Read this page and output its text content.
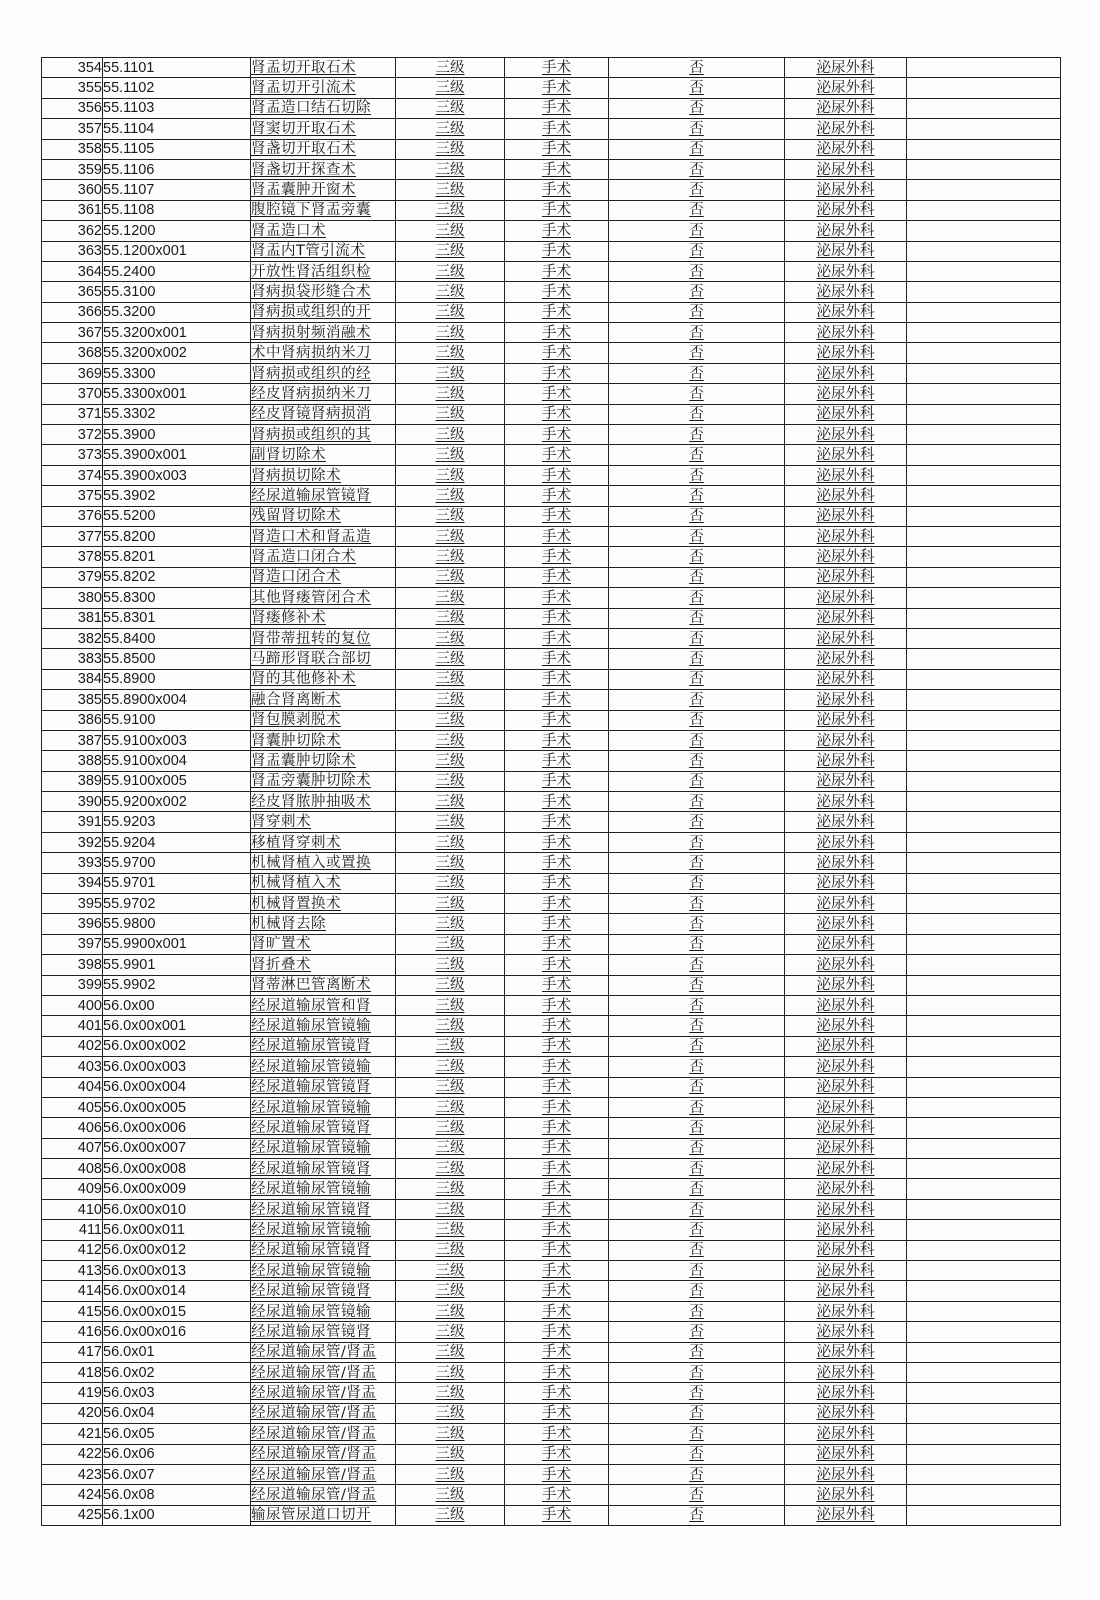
354	55.1101	肾盂切开取石术	三级	手术	否	泌尿外科	
355	55.1102	肾盂切开引流术	三级	手术	否	泌尿外科	
356	55.1103	肾盂造口结石切除	三级	手术	否	泌尿外科	
357	55.1104	肾窦切开取石术	三级	手术	否	泌尿外科	
358	55.1105	肾盏切开取石术	三级	手术	否	泌尿外科	
359	55.1106	肾盏切开探查术	三级	手术	否	泌尿外科	
360	55.1107	肾盂囊肿开窗术	三级	手术	否	泌尿外科	
361	55.1108	腹腔镜下肾盂旁囊	三级	手术	否	泌尿外科	
362	55.1200	肾盂造口术	三级	手术	否	泌尿外科	
363	55.1200x001	肾盂内T管引流术	三级	手术	否	泌尿外科	
364	55.2400	开放性肾活组织检	三级	手术	否	泌尿外科	
365	55.3100	肾病损袋形缝合术	三级	手术	否	泌尿外科	
366	55.3200	肾病损或组织的开	三级	手术	否	泌尿外科	
367	55.3200x001	肾病损射频消融术	三级	手术	否	泌尿外科	
368	55.3200x002	术中肾病损纳米刀	三级	手术	否	泌尿外科	
369	55.3300	肾病损或组织的经	三级	手术	否	泌尿外科	
370	55.3300x001	经皮肾病损纳米刀	三级	手术	否	泌尿外科	
371	55.3302	经皮肾镜肾病损消	三级	手术	否	泌尿外科	
372	55.3900	肾病损或组织的其	三级	手术	否	泌尿外科	
373	55.3900x001	副肾切除术	三级	手术	否	泌尿外科	
374	55.3900x003	肾病损切除术	三级	手术	否	泌尿外科	
375	55.3902	经尿道输尿管镜肾	三级	手术	否	泌尿外科	
376	55.5200	残留肾切除术	三级	手术	否	泌尿外科	
377	55.8200	肾造口术和肾盂造	三级	手术	否	泌尿外科	
378	55.8201	肾盂造口闭合术	三级	手术	否	泌尿外科	
379	55.8202	肾造口闭合术	三级	手术	否	泌尿外科	
380	55.8300	其他肾瘘管闭合术	三级	手术	否	泌尿外科	
381	55.8301	肾瘘修补术	三级	手术	否	泌尿外科	
382	55.8400	肾带蒂扭转的复位	三级	手术	否	泌尿外科	
383	55.8500	马蹄形肾联合部切	三级	手术	否	泌尿外科	
384	55.8900	肾的其他修补术	三级	手术	否	泌尿外科	
385	55.8900x004	融合肾离断术	三级	手术	否	泌尿外科	
386	55.9100	肾包膜剥脱术	三级	手术	否	泌尿外科	
387	55.9100x003	肾囊肿切除术	三级	手术	否	泌尿外科	
388	55.9100x004	肾盂囊肿切除术	三级	手术	否	泌尿外科	
389	55.9100x005	肾盂旁囊肿切除术	三级	手术	否	泌尿外科	
390	55.9200x002	经皮肾脓肿抽吸术	三级	手术	否	泌尿外科	
391	55.9203	肾穿刺术	三级	手术	否	泌尿外科	
392	55.9204	移植肾穿刺术	三级	手术	否	泌尿外科	
393	55.9700	机械肾植入或置换	三级	手术	否	泌尿外科	
394	55.9701	机械肾植入术	三级	手术	否	泌尿外科	
395	55.9702	机械肾置换术	三级	手术	否	泌尿外科	
396	55.9800	机械肾去除	三级	手术	否	泌尿外科	
397	55.9900x001	肾旷置术	三级	手术	否	泌尿外科	
398	55.9901	肾折叠术	三级	手术	否	泌尿外科	
399	55.9902	肾蒂淋巴管离断术	三级	手术	否	泌尿外科	
400	56.0x00	经尿道输尿管和肾	三级	手术	否	泌尿外科	
401	56.0x00x001	经尿道输尿管镜输	三级	手术	否	泌尿外科	
402	56.0x00x002	经尿道输尿管镜肾	三级	手术	否	泌尿外科	
403	56.0x00x003	经尿道输尿管镜输	三级	手术	否	泌尿外科	
404	56.0x00x004	经尿道输尿管镜肾	三级	手术	否	泌尿外科	
405	56.0x00x005	经尿道输尿管镜输	三级	手术	否	泌尿外科	
406	56.0x00x006	经尿道输尿管镜肾	三级	手术	否	泌尿外科	
407	56.0x00x007	经尿道输尿管镜输	三级	手术	否	泌尿外科	
408	56.0x00x008	经尿道输尿管镜肾	三级	手术	否	泌尿外科	
409	56.0x00x009	经尿道输尿管镜输	三级	手术	否	泌尿外科	
410	56.0x00x010	经尿道输尿管镜肾	三级	手术	否	泌尿外科	
411	56.0x00x011	经尿道输尿管镜输	三级	手术	否	泌尿外科	
412	56.0x00x012	经尿道输尿管镜肾	三级	手术	否	泌尿外科	
413	56.0x00x013	经尿道输尿管镜输	三级	手术	否	泌尿外科	
414	56.0x00x014	经尿道输尿管镜肾	三级	手术	否	泌尿外科	
415	56.0x00x015	经尿道输尿管镜输	三级	手术	否	泌尿外科	
416	56.0x00x016	经尿道输尿管镜肾	三级	手术	否	泌尿外科	
417	56.0x01	经尿道输尿管/肾盂	三级	手术	否	泌尿外科	
418	56.0x02	经尿道输尿管/肾盂	三级	手术	否	泌尿外科	
419	56.0x03	经尿道输尿管/肾盂	三级	手术	否	泌尿外科	
420	56.0x04	经尿道输尿管/肾盂	三级	手术	否	泌尿外科	
421	56.0x05	经尿道输尿管/肾盂	三级	手术	否	泌尿外科	
422	56.0x06	经尿道输尿管/肾盂	三级	手术	否	泌尿外科	
423	56.0x07	经尿道输尿管/肾盂	三级	手术	否	泌尿外科	
424	56.0x08	经尿道输尿管/肾盂	三级	手术	否	泌尿外科	
425	56.1x00	输尿管尿道口切开	三级	手术	否	泌尿外科	
